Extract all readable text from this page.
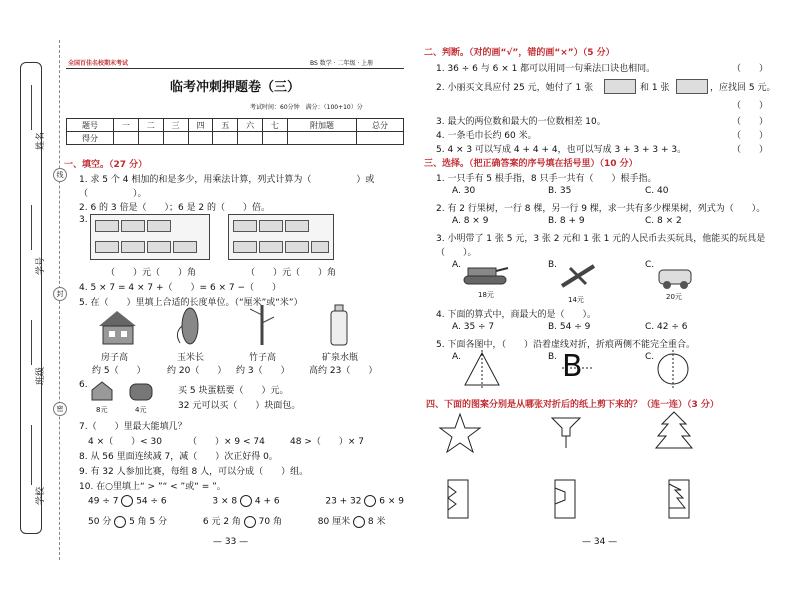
姓名
学号
班级
学校
线
封
密
全国百佳名校期末考试	BS 数学 · 二年级 · 上册
临考冲刺押题卷（三）
考试时间：60分钟　满分：（100+10）分
题号	一	二	三	四	五	六	七	附加题	总分
得分									
一、填空。（27 分）
1. 求 5 个 4 相加的和是多少，用乘法计算，列式计算为（　　　　　）或
（　　　　　）。
2. 6 的 3 倍是（　　）；6 是 2 的（　　）倍。
3.
（　　）元（　　）角	（　　）元（　　）角
4. 5 × 7 = 4 × 7 +（　　）= 6 × 7 −（　　）
5. 在（　　）里填上合适的长度单位。（“厘米”或“米”）
房子高
约 5（　　）
玉米长
约 20（　　）
竹子高
约 3（　　）
矿泉水瓶
高约 23（　　）
6.
8元	4元
买 5 块蛋糕要（　　）元。
32 元可以买（　　）块面包。
7.（　　）里最大能填几？
4 ×（　　）< 30	（　　）× 9 < 74	48 >（　　）× 7
8. 从 56 里面连续减 7，减（　　）次正好得 0。
9. 有 32 人参加比赛，每组 8 人，可以分成（　　）组。
10. 在○里填上“ > ”“ < ”或“ = ”。
49 ÷ 7 54 ÷ 6	3 × 8 4 + 6	23 + 32 6 × 9
50 分 5 角 5 分	6 元 2 角 70 角	80 厘米 8 米
— 33 —
二、判断。（对的画“√”，错的画“×”）（5 分）
1. 36 ÷ 6 与 6 × 1 都可以用同一句乘法口诀也相同。	（　　）
2. 小丽买文具应付 25 元，她付了 1 张	和 1 张	，应找回 5 元。
（　　）
3. 最大的两位数和最大的一位数相差 10。	（　　）
4. 一条毛巾长约 60 米。	（　　）
5. 4 × 3 可以写成 4 + 4 + 4，也可以写成 3 + 3 + 3 + 3。	（　　）
三、选择。（把正确答案的序号填在括号里）（10 分）
1. 一只手有 5 根手指，8 只手一共有（　　）根手指。
A. 30	B. 35	C. 40
2. 有 2 行果树，一行 8 棵，另一行 9 棵，求一共有多少棵果树，列式为（　　）。
A. 8 × 9	B. 8 + 9	C. 8 × 2
3. 小明带了 1 张 5 元，3 张 2 元和 1 张 1 元的人民币去买玩具，他能买的玩具是
（　　）。
A.
18元
B.
14元
C.
20元
4. 下面的算式中，商最大的是（　　）。
A. 35 ÷ 7	B. 54 ÷ 9	C. 42 ÷ 6
5. 下面各图中，（　　）沿着虚线对折，折痕两侧不能完全重合。
A.	B. B	C.
四、下面的图案分别是从哪张对折后的纸上剪下来的？（连一连）（3 分）
— 34 —
